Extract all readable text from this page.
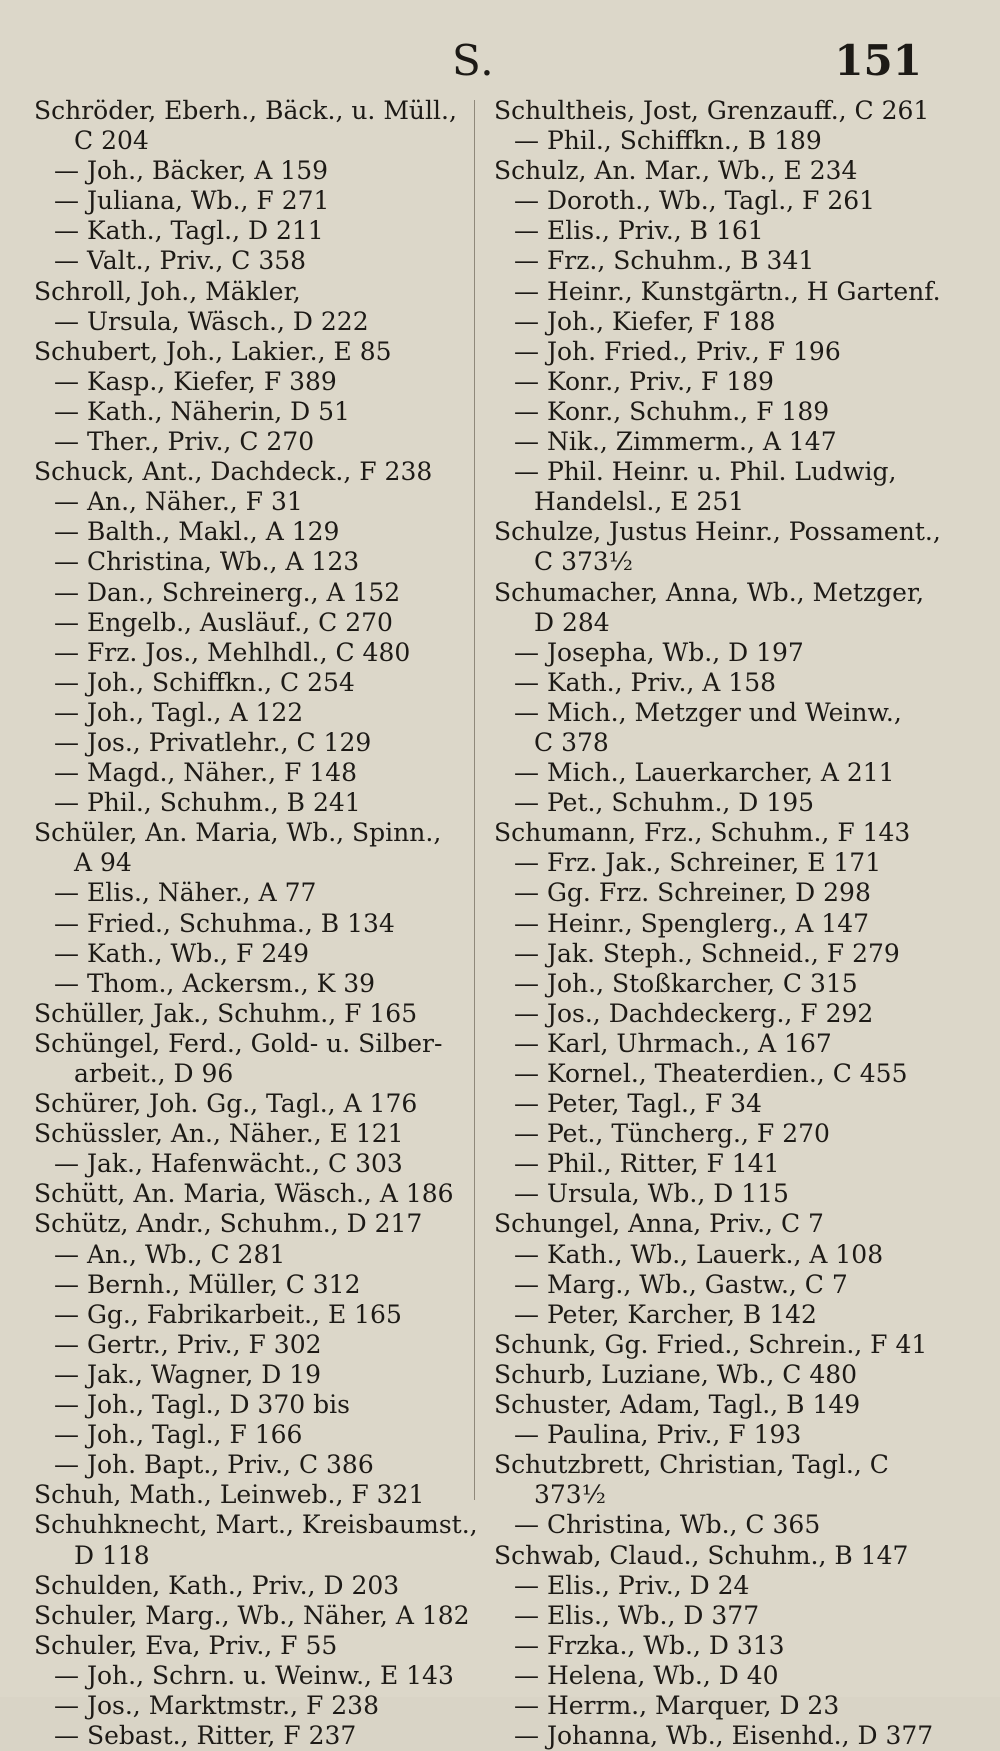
S.	151
Schröder, Eberh., Bäck., u. Müll.,
C 204
— Joh., Bäcker, A 159
— Juliana, Wb., F 271
— Kath., Tagl., D 211
— Valt., Priv., C 358
Schroll, Joh., Mäkler,
— Ursula, Wäsch., D 222
Schubert, Joh., Lakier., E 85
— Kasp., Kiefer, F 389
— Kath., Näherin, D 51
— Ther., Priv., C 270
Schuck, Ant., Dachdeck., F 238
— An., Näher., F 31
— Balth., Makl., A 129
— Christina, Wb., A 123
— Dan., Schreinerg., A 152
— Engelb., Ausläuf., C 270
— Frz. Jos., Mehlhdl., C 480
— Joh., Schiffkn., C 254
— Joh., Tagl., A 122
— Jos., Privatlehr., C 129
— Magd., Näher., F 148
— Phil., Schuhm., B 241
Schüler, An. Maria, Wb., Spinn.,
A 94
— Elis., Näher., A 77
— Fried., Schuhma., B 134
— Kath., Wb., F 249
— Thom., Ackersm., K 39
Schüller, Jak., Schuhm., F 165
Schüngel, Ferd., Gold- u. Silber-
arbeit., D 96
Schürer, Joh. Gg., Tagl., A 176
Schüssler, An., Näher., E 121
— Jak., Hafenwächt., C 303
Schütt, An. Maria, Wäsch., A 186
Schütz, Andr., Schuhm., D 217
— An., Wb., C 281
— Bernh., Müller, C 312
— Gg., Fabrikarbeit., E 165
— Gertr., Priv., F 302
— Jak., Wagner, D 19
— Joh., Tagl., D 370 bis
— Joh., Tagl., F 166
— Joh. Bapt., Priv., C 386
Schuh, Math., Leinweb., F 321
Schuhknecht, Mart., Kreisbaumst.,
D 118
Schulden, Kath., Priv., D 203
Schuler, Marg., Wb., Näher, A 182
Schuler, Eva, Priv., F 55
— Joh., Schrn. u. Weinw., E 143
— Jos., Marktmstr., F 238
— Sebast., Ritter, F 237
Schultheis, Jost, Grenzauff., C 261
— Phil., Schiffkn., B 189
Schulz, An. Mar., Wb., E 234
— Doroth., Wb., Tagl., F 261
— Elis., Priv., B 161
— Frz., Schuhm., B 341
— Heinr., Kunstgärtn., H Gartenf.
— Joh., Kiefer, F 188
— Joh. Fried., Priv., F 196
— Konr., Priv., F 189
— Konr., Schuhm., F 189
— Nik., Zimmerm., A 147
— Phil. Heinr. u. Phil. Ludwig,
Handelsl., E 251
Schulze, Justus Heinr., Possament.,
C 373½
Schumacher, Anna, Wb., Metzger,
D 284
— Josepha, Wb., D 197
— Kath., Priv., A 158
— Mich., Metzger und Weinw.,
C 378
— Mich., Lauerkarcher, A 211
— Pet., Schuhm., D 195
Schumann, Frz., Schuhm., F 143
— Frz. Jak., Schreiner, E 171
— Gg. Frz. Schreiner, D 298
— Heinr., Spenglerg., A 147
— Jak. Steph., Schneid., F 279
— Joh., Stoßkarcher, C 315
— Jos., Dachdeckerg., F 292
— Karl, Uhrmach., A 167
— Kornel., Theaterdien., C 455
— Peter, Tagl., F 34
— Pet., Tüncherg., F 270
— Phil., Ritter, F 141
— Ursula, Wb., D 115
Schungel, Anna, Priv., C 7
— Kath., Wb., Lauerk., A 108
— Marg., Wb., Gastw., C 7
— Peter, Karcher, B 142
Schunk, Gg. Fried., Schrein., F 41
Schurb, Luziane, Wb., C 480
Schuster, Adam, Tagl., B 149
— Paulina, Priv., F 193
Schutzbrett, Christian, Tagl., C
373½
— Christina, Wb., C 365
Schwab, Claud., Schuhm., B 147
— Elis., Priv., D 24
— Elis., Wb., D 377
— Frzka., Wb., D 313
— Helena, Wb., D 40
— Herrm., Marquer, D 23
— Johanna, Wb., Eisenhd., D 377
